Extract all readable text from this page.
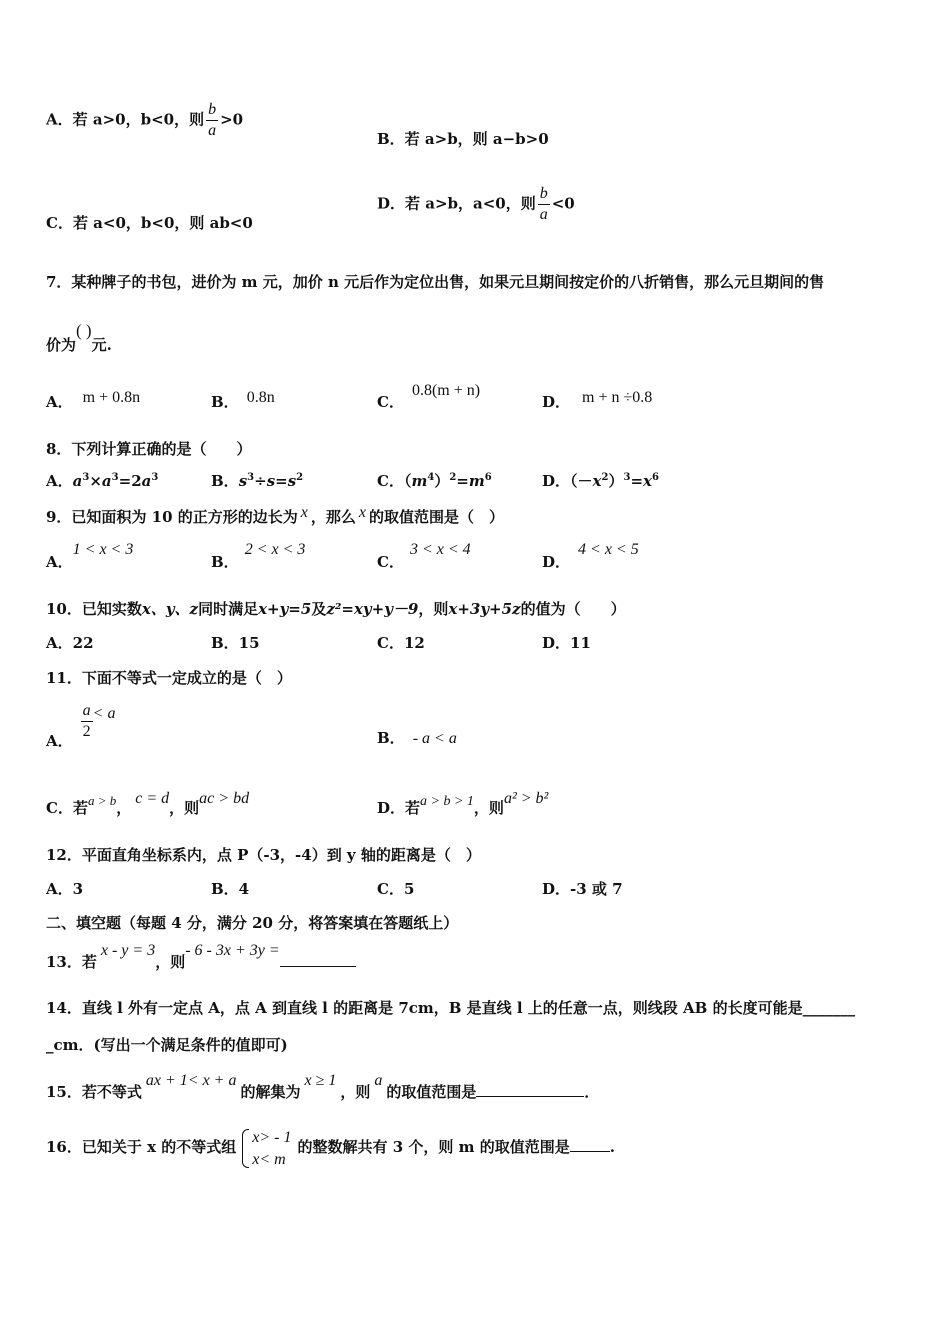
A．若 a>0，b<0，则 $\frac{b}{a} >0$
B．若 a>b，则 a−b>0
C．若 a<0，b<0，则 ab<0
D．若 a>b，a<0，则 $\frac{b}{a} <0$
7．某种牌子的书包，进价为 m 元，加价 n 元后作为定位出售，如果元旦期间按定价的八折销售，那么元旦期间的售
价为( )元.
A． m + 0.8n	B． 0.8n	C．0.8(m + n)
D． m + n ÷0.8
8．下列计算正确的是（　　）
A．$a^3\times a^3=2a^3$	B．$s^3\div s=s^2$	C．$(m^4)^2=m^6$	D．$(-x^2)^3=x^6$
9．已知面积为 10 的正方形的边长为 x ，那么 x 的取值范围是（　）
A．1 < x < 3
B．2 < x < 3
C．3 < x < 4
D．4 < x < 5
10．已知实数x、y、z同时满足x+y=5及z²=xy+y－9，则x+3y+5z的值为（　　）
A．22	B．15	C．12	D．11
11．下面不等式一定成立的是（　）
A．
$\frac{a}{2} < a$
B． - a < a
C．若a > b，c = d，则ac > bd
D．若a > b > 1，则a² > b²
12．平面直角坐标系内，点 P（-3，-4）到 y 轴的距离是（　）
A．3	B．4	C．5	D．-3 或 7
二、填空题（每题 4 分，满分 20 分，将答案填在答题纸上）
13．若x - y = 3，则- 6 - 3x + 3y =
14．直线 l 外有一定点 A，点 A 到直线 l 的距离是 7cm，B 是直线 l 上的任意一点，则线段 AB 的长度可能是_______
_cm．(写出一个满足条件的值即可)
15．若不等式ax + 1< x + a的解集为x ≥ 1，则a的取值范围是	．
16．已知关于 x 的不等式组
x> - 1
x< m
的整数解共有 3 个，则 m 的取值范围是	.
